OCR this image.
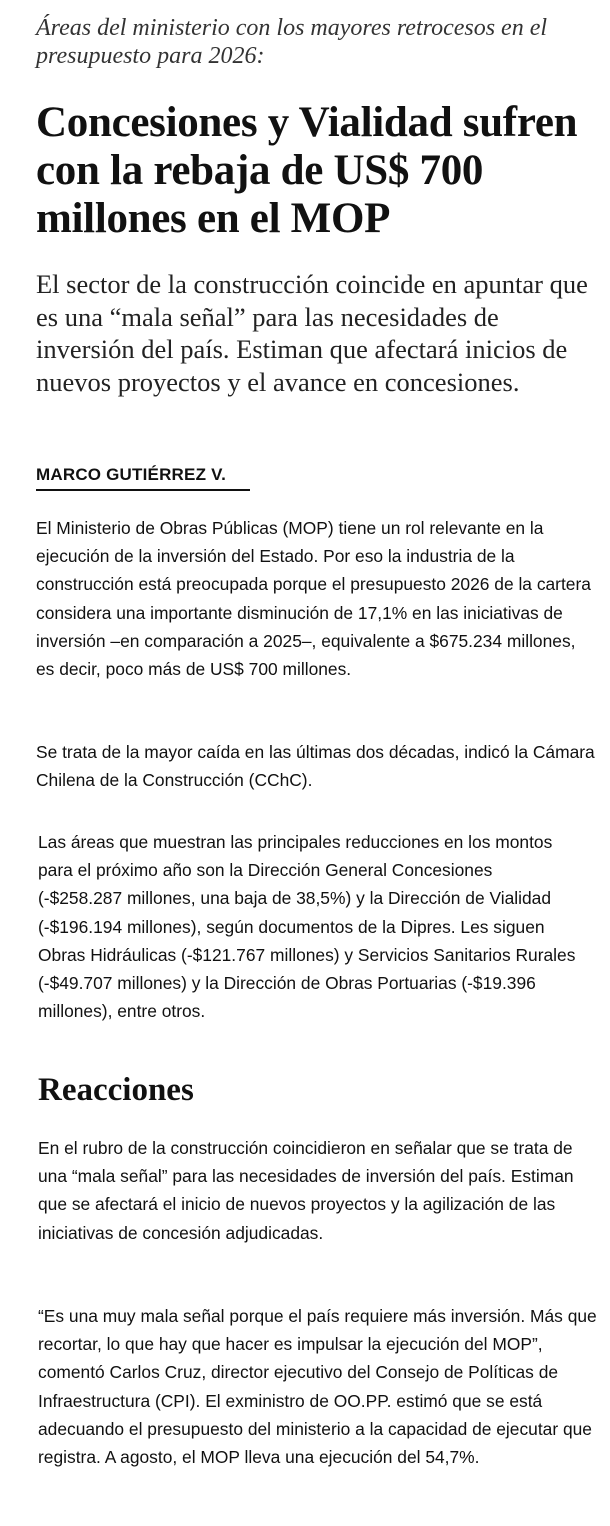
Áreas del ministerio con los mayores retrocesos en el presupuesto para 2026:
Concesiones y Vialidad sufren con la rebaja de US$ 700 millones en el MOP
El sector de la construcción coincide en apuntar que es una “mala señal” para las necesidades de inversión del país. Estiman que afectará inicios de nuevos proyectos y el avance en concesiones.
MARCO GUTIÉRREZ V.

El Ministerio de Obras Públicas (MOP) tiene un rol relevante en la ejecución de la inversión del Estado. Por eso la industria de la construcción está preocupada porque el presupuesto 2026 de la cartera considera una importante disminución de 17,1% en las iniciativas de inversión –en comparación a 2025–, equivalente a $675.234 millones, es decir, poco más de US$ 700 millones.

Se trata de la mayor caída en las últimas dos décadas, indicó la Cámara Chilena de la Construcción (CChC).

Las áreas que muestran las principales reducciones en los montos para el próximo año son la Dirección General Concesiones (-$258.287 millones, una baja de 38,5%) y la Dirección de Vialidad (-$196.194 millones), según documentos de la Dipres. Les siguen Obras Hidráulicas (-$121.767 millones) y Servicios Sanitarios Rurales (-$49.707 millones) y la Dirección de Obras Portuarias (-$19.396 millones), entre otros.

Reacciones

En el rubro de la construcción coincidieron en señalar que se trata de una “mala señal” para las necesidades de inversión del país. Estiman que se afectará el inicio de nuevos proyectos y la agilización de las iniciativas de concesión adjudicadas.

“Es una muy mala señal porque el país requiere más inversión. Más que recortar, lo que hay que hacer es impulsar la ejecución del MOP”, comentó Carlos Cruz, director ejecutivo del Consejo de Políticas de Infraestructura (CPI). El exministro de OO.PP. estimó que se está adecuando el presupuesto del ministerio a la capacidad de ejecutar que registra. A agosto, el MOP lleva una ejecución del 54,7%.
